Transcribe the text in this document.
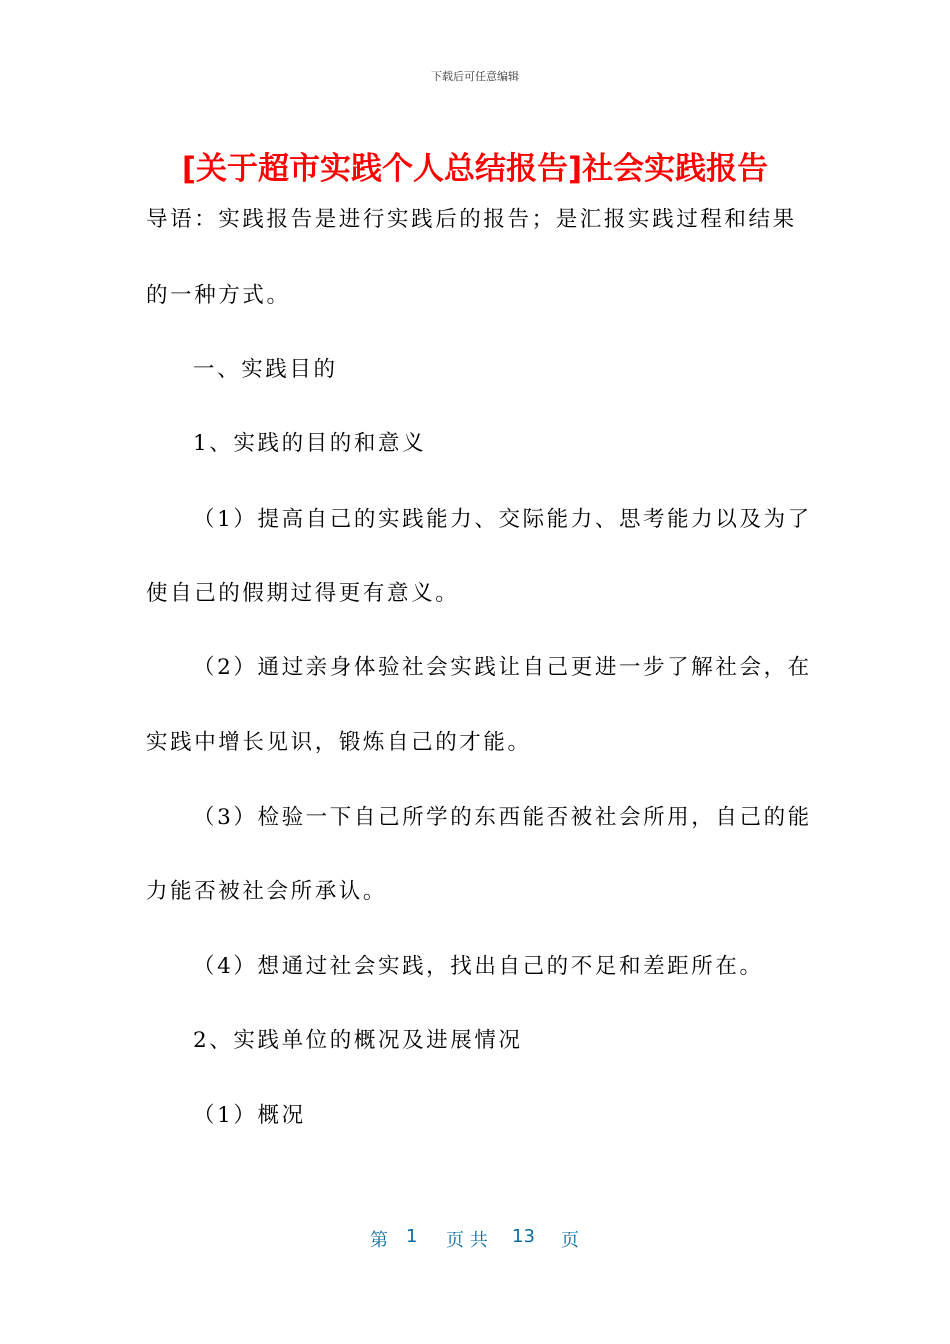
下载后可任意编辑
[关于超市实践个人总结报告]社会实践报告
导语：实践报告是进行实践后的报告；是汇报实践过程和结果
的一种方式。
一、实践目的
1、实践的目的和意义
（1）提高自己的实践能力、交际能力、思考能力以及为了
使自己的假期过得更有意义。
（2）通过亲身体验社会实践让自己更进一步了解社会，在
实践中增长见识，锻炼自己的才能。
（3）检验一下自己所学的东西能否被社会所用，自己的能
力能否被社会所承认。
（4）想通过社会实践，找出自己的不足和差距所在。
2、实践单位的概况及进展情况
（1）概况
第 1 页 共 13 页
